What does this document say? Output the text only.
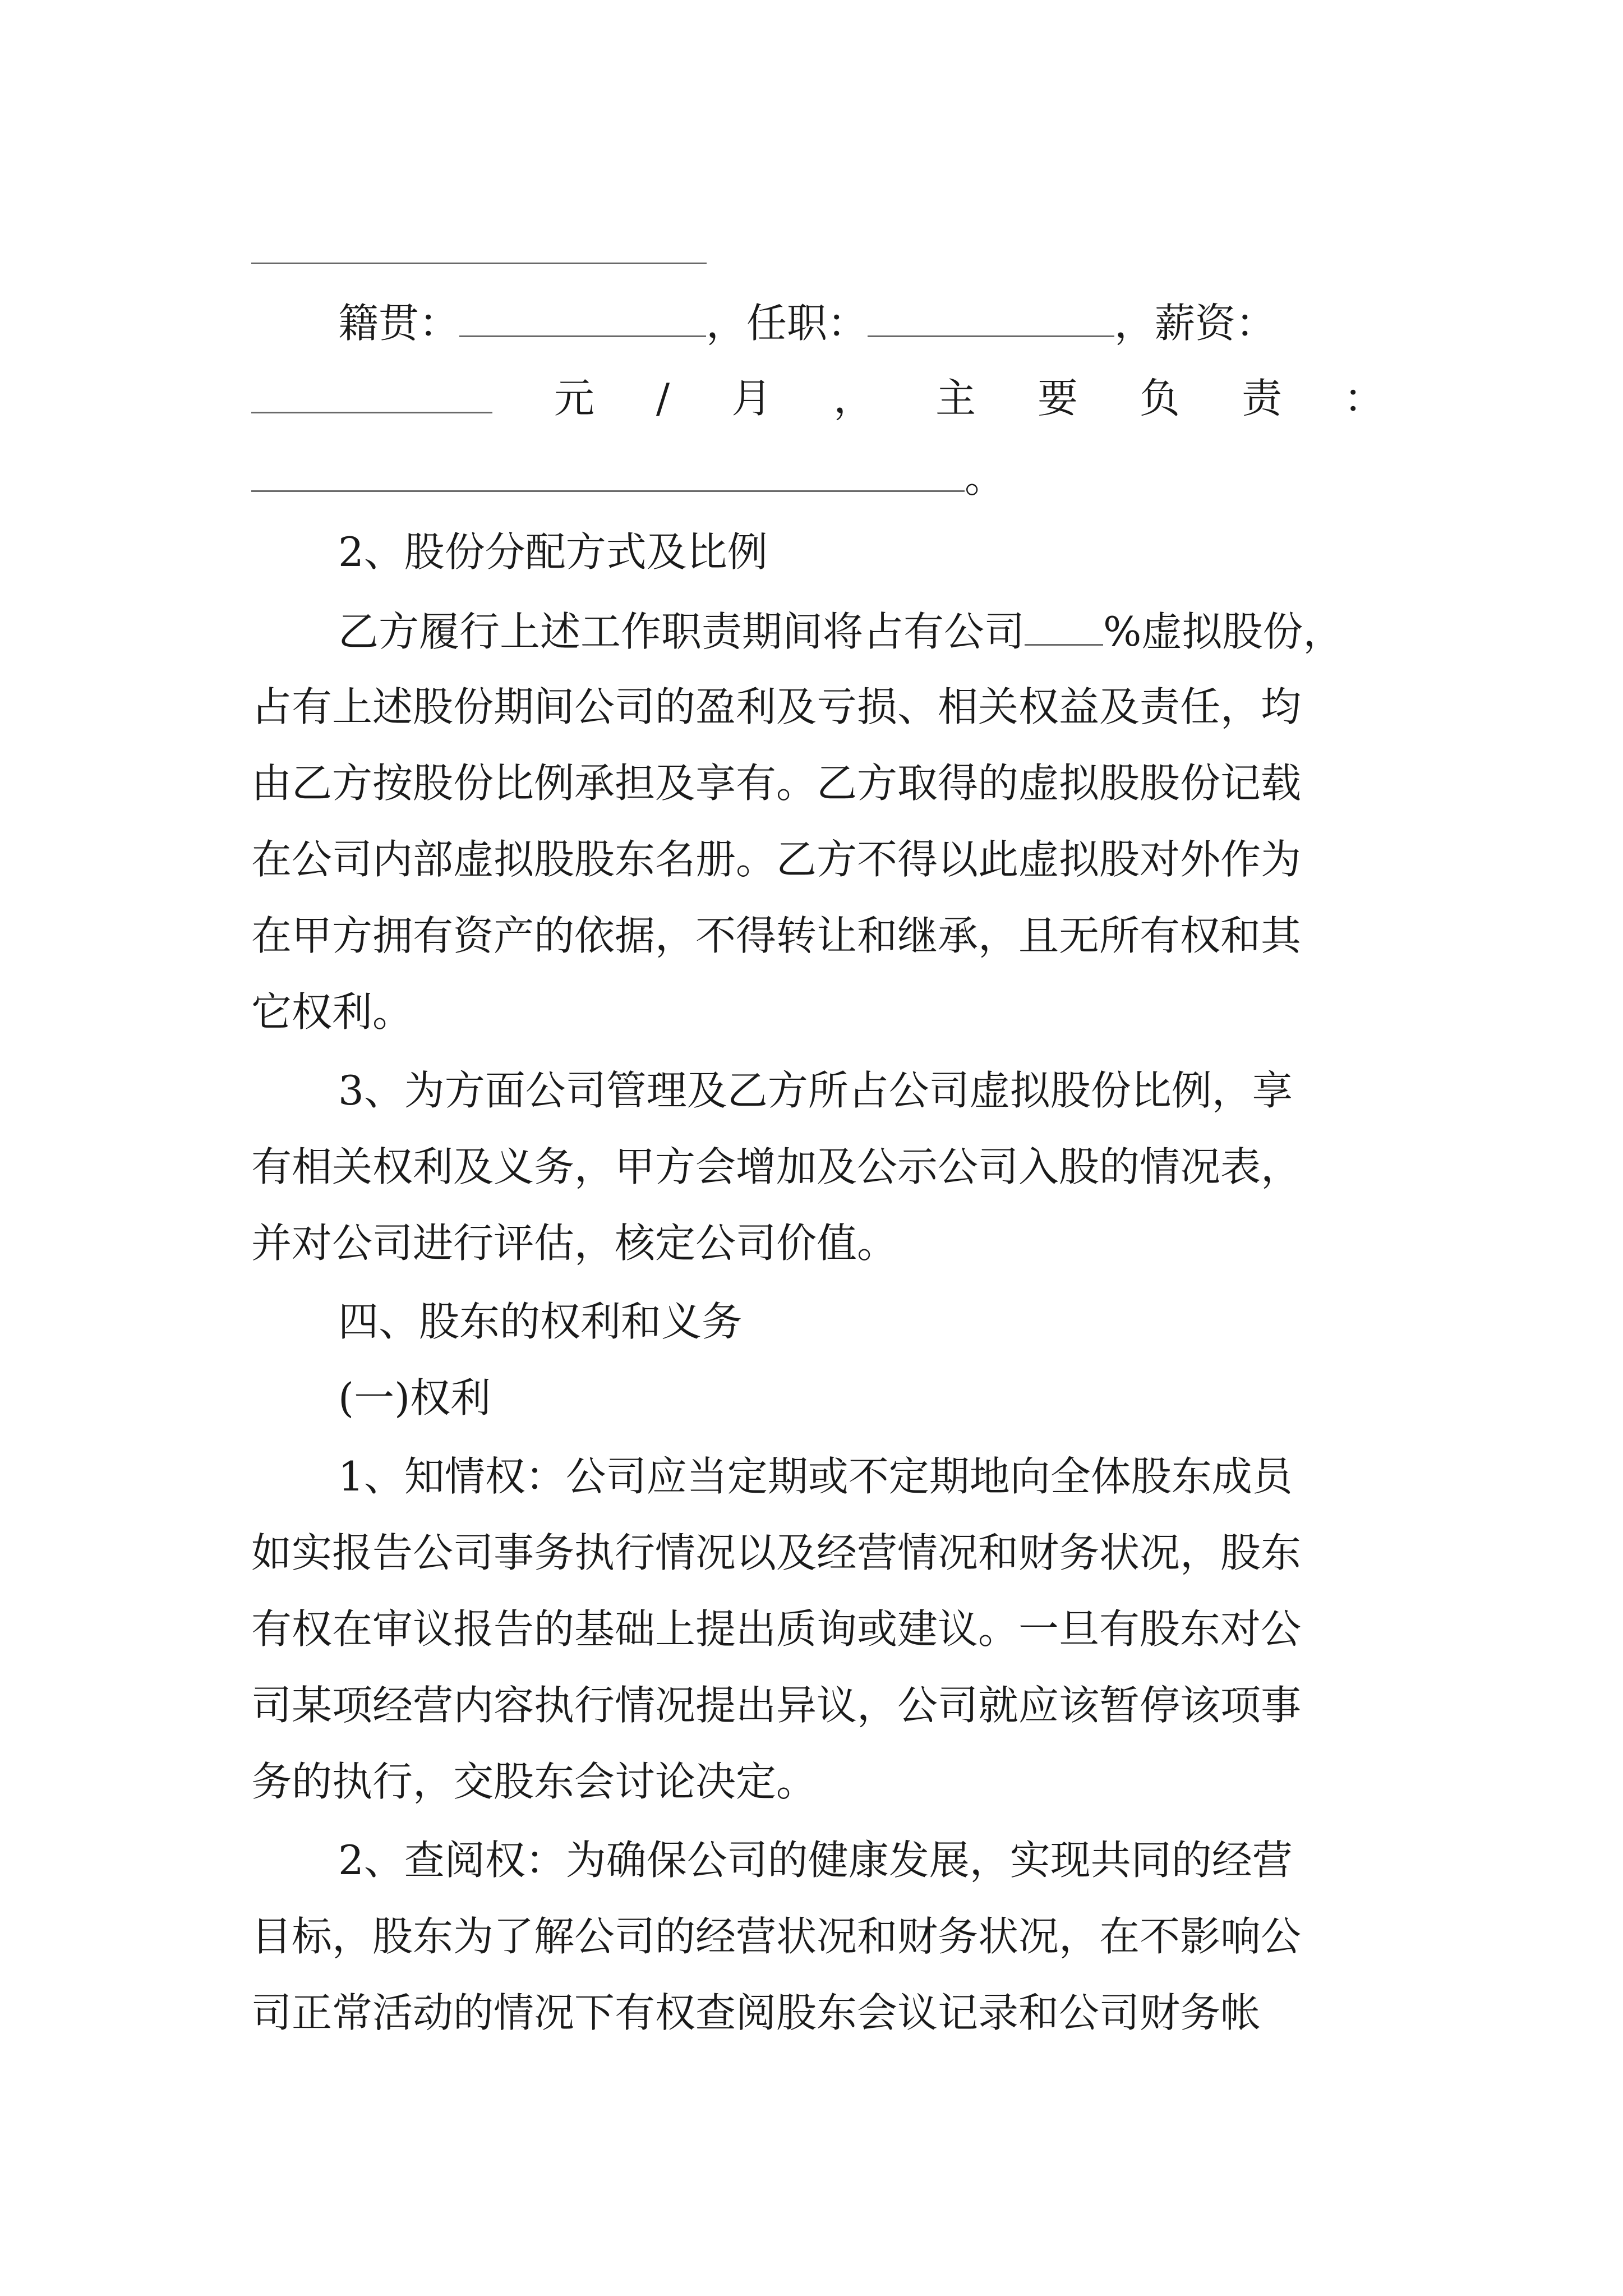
籍贯：	，任职：	，薪资：
元 / 月 ， 主 要 负 责 ：
。
2、股份分配方式及比例
乙方履行上述工作职责期间将占有公司 %虚拟股份，
占有上述股份期间公司的盈利及亏损、相关权益及责任，均
由乙方按股份比例承担及享有。乙方取得的虚拟股股份记载
在公司内部虚拟股股东名册。乙方不得以此虚拟股对外作为
在甲方拥有资产的依据，不得转让和继承，且无所有权和其
它权利。
3、为方面公司管理及乙方所占公司虚拟股份比例，享
有相关权利及义务，甲方会增加及公示公司入股的情况表，
并对公司进行评估，核定公司价值。
四、股东的权利和义务
(一)权利
1、知情权：公司应当定期或不定期地向全体股东成员
如实报告公司事务执行情况以及经营情况和财务状况，股东
有权在审议报告的基础上提出质询或建议。一旦有股东对公
司某项经营内容执行情况提出异议，公司就应该暂停该项事
务的执行，交股东会讨论决定。
2、查阅权：为确保公司的健康发展，实现共同的经营
目标，股东为了解公司的经营状况和财务状况，在不影响公
司正常活动的情况下有权查阅股东会议记录和公司财务帐
